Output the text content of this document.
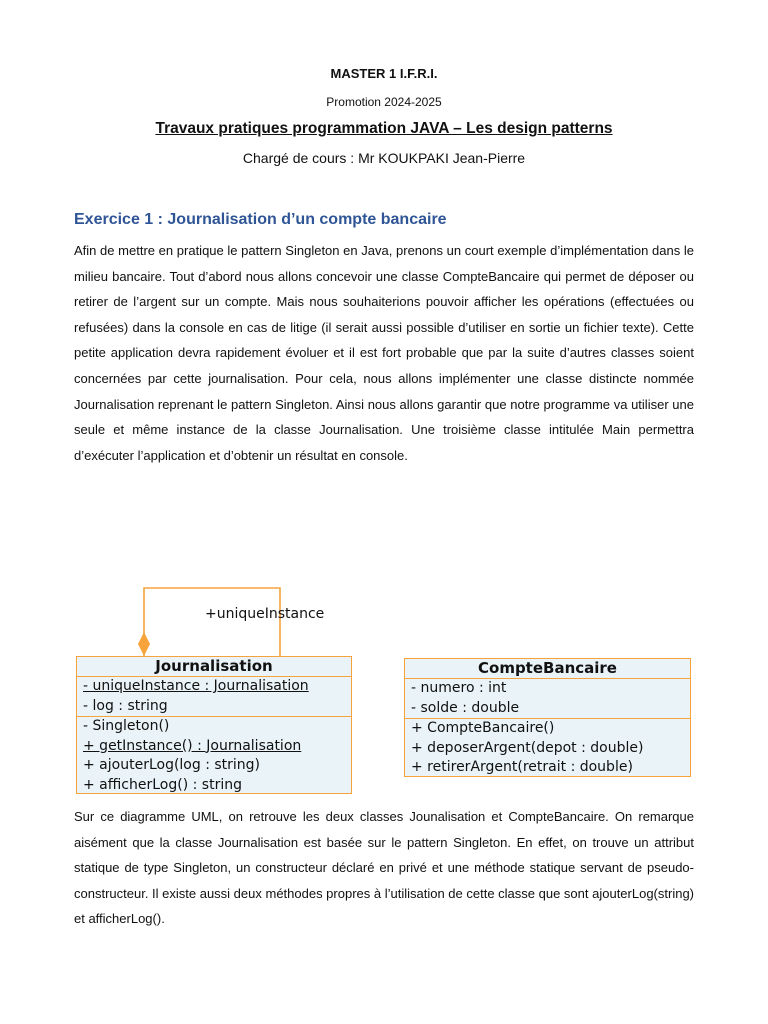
MASTER 1 I.F.R.I.
Promotion 2024-2025
Travaux pratiques programmation JAVA – Les design patterns
Chargé de cours : Mr KOUKPAKI Jean-Pierre
Exercice 1 : Journalisation d’un compte bancaire
Afin de mettre en pratique le pattern Singleton en Java, prenons un court exemple d’implémentation dans le milieu bancaire. Tout d’abord nous allons concevoir une classe CompteBancaire qui permet de déposer ou retirer de l’argent sur un compte. Mais nous souhaiterions pouvoir afficher les opérations (effectuées ou refusées) dans la console en cas de litige (il serait aussi possible d’utiliser en sortie un fichier texte). Cette petite application devra rapidement évoluer et il est fort probable que par la suite d’autres classes soient concernées par cette journalisation. Pour cela, nous allons implémenter une classe distincte nommée Journalisation reprenant le pattern Singleton. Ainsi nous allons garantir que notre programme va utiliser une seule et même instance de la classe Journalisation. Une troisième classe intitulée Main permettra d’exécuter l’application et d’obtenir un résultat en console.
+uniqueInstance
Journalisation
- uniqueInstance : Journalisation
- log : string
- Singleton()
+ getInstance() : Journalisation
+ ajouterLog(log : string)
+ afficherLog() : string
CompteBancaire
- numero : int
- solde : double
+ CompteBancaire()
+ deposerArgent(depot : double)
+ retirerArgent(retrait : double)
Sur ce diagramme UML, on retrouve les deux classes Jounalisation et CompteBancaire. On remarque aisément que la classe Journalisation est basée sur le pattern Singleton. En effet, on trouve un attribut statique de type Singleton, un constructeur déclaré en privé et une méthode statique servant de pseudo-constructeur. Il existe aussi deux méthodes propres à l’utilisation de cette classe que sont ajouterLog(string) et afficherLog().
